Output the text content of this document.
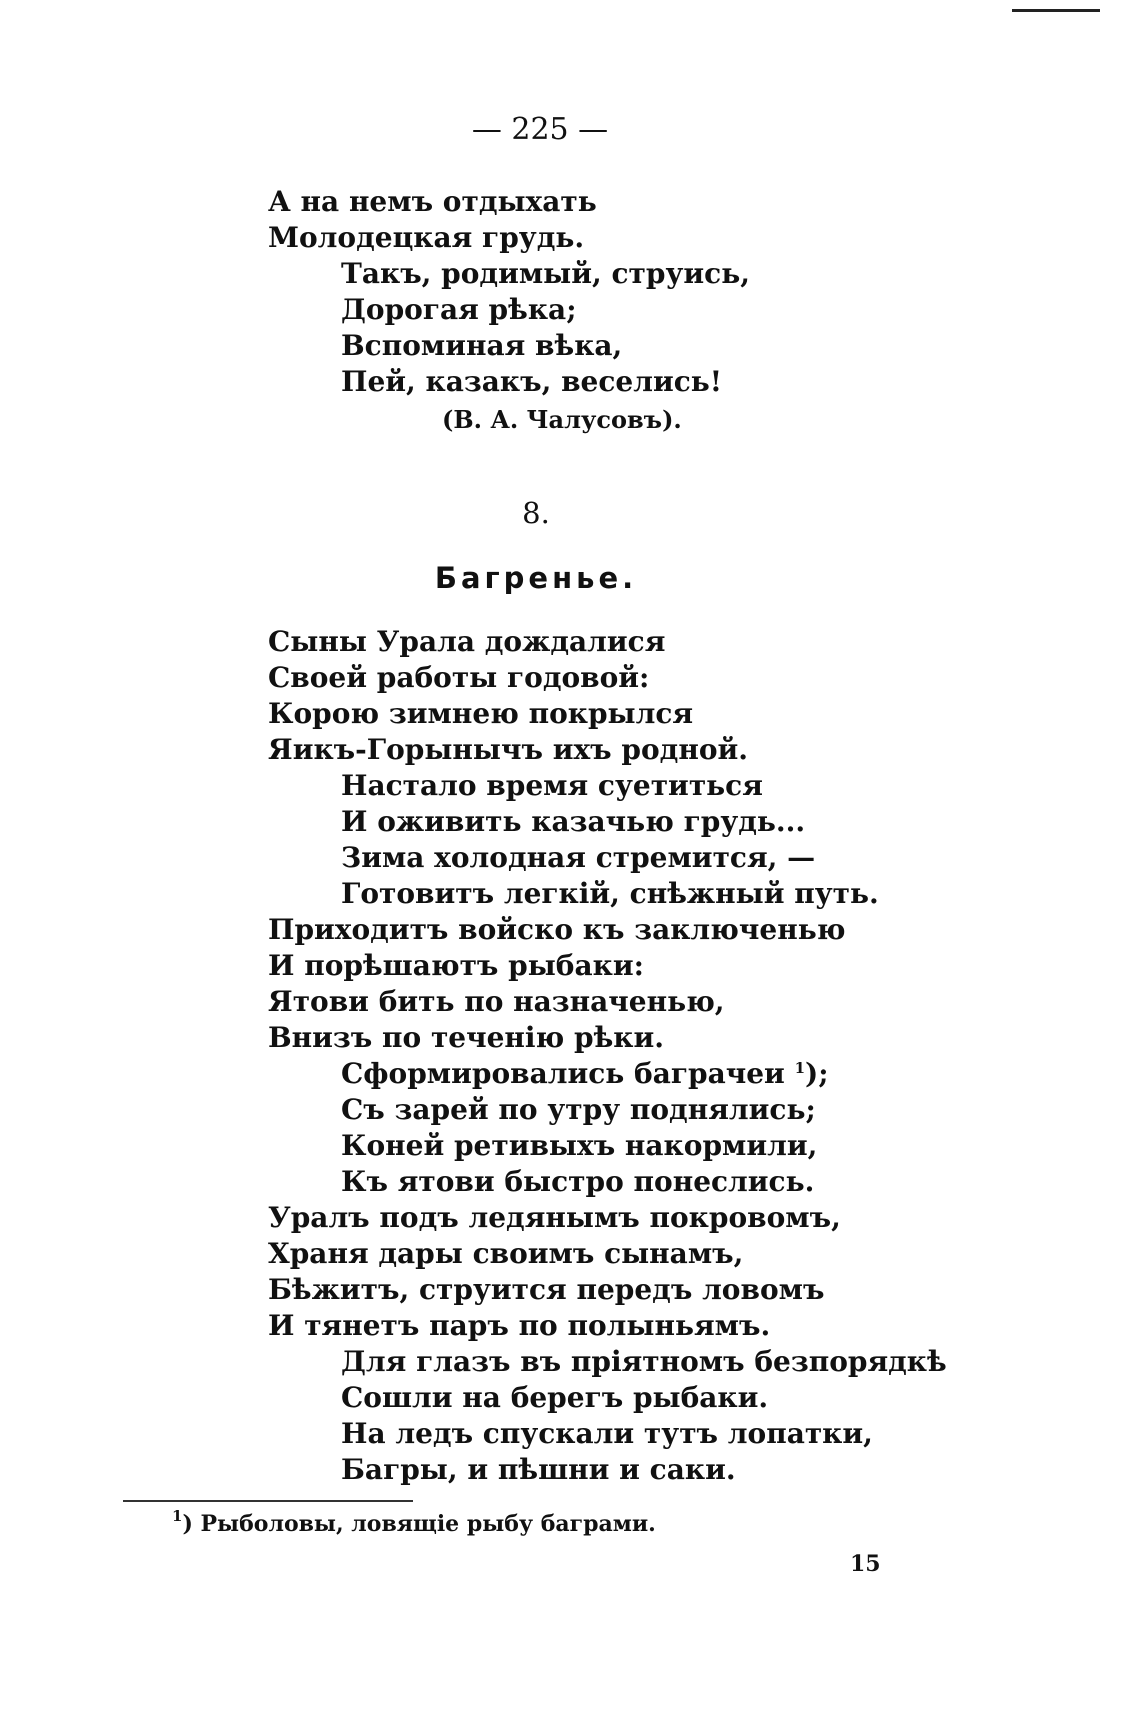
— 225 —
А на немъ отдыхать
Молодецкая грудь.
Такъ, родимый, струись,
Дорогая рѣка;
Вспоминая вѣка,
Пей, казакъ, веселись!
(В. А. Чалусовъ).
8.
Багренье.
Сыны Урала дождалися
Своей работы годовой:
Корою зимнею покрылся
Яикъ-Горынычъ ихъ родной.
Настало время суетиться
И оживить казачью грудь...
Зима холодная стремится, —
Готовитъ легкій, снѣжный путь.
Приходитъ войско къ заключенью
И порѣшаютъ рыбаки:
Ятови бить по назначенью,
Внизъ по теченію рѣки.
Сформировались баграчеи $^1$);
Съ зарей по утру поднялись;
Коней ретивыхъ накормили,
Къ ятови быстро понеслись.
Уралъ подъ ледянымъ покровомъ,
Храня дары своимъ сынамъ,
Бѣжитъ, струится передъ ловомъ
И тянетъ паръ по полыньямъ.
Для глазъ въ пріятномъ безпорядкѣ
Сошли на берегъ рыбаки.
На ледъ спускали тутъ лопатки,
Багры, и пѣшни и саки.
$^1$) Рыболовы, ловящіе рыбу баграми.
15
